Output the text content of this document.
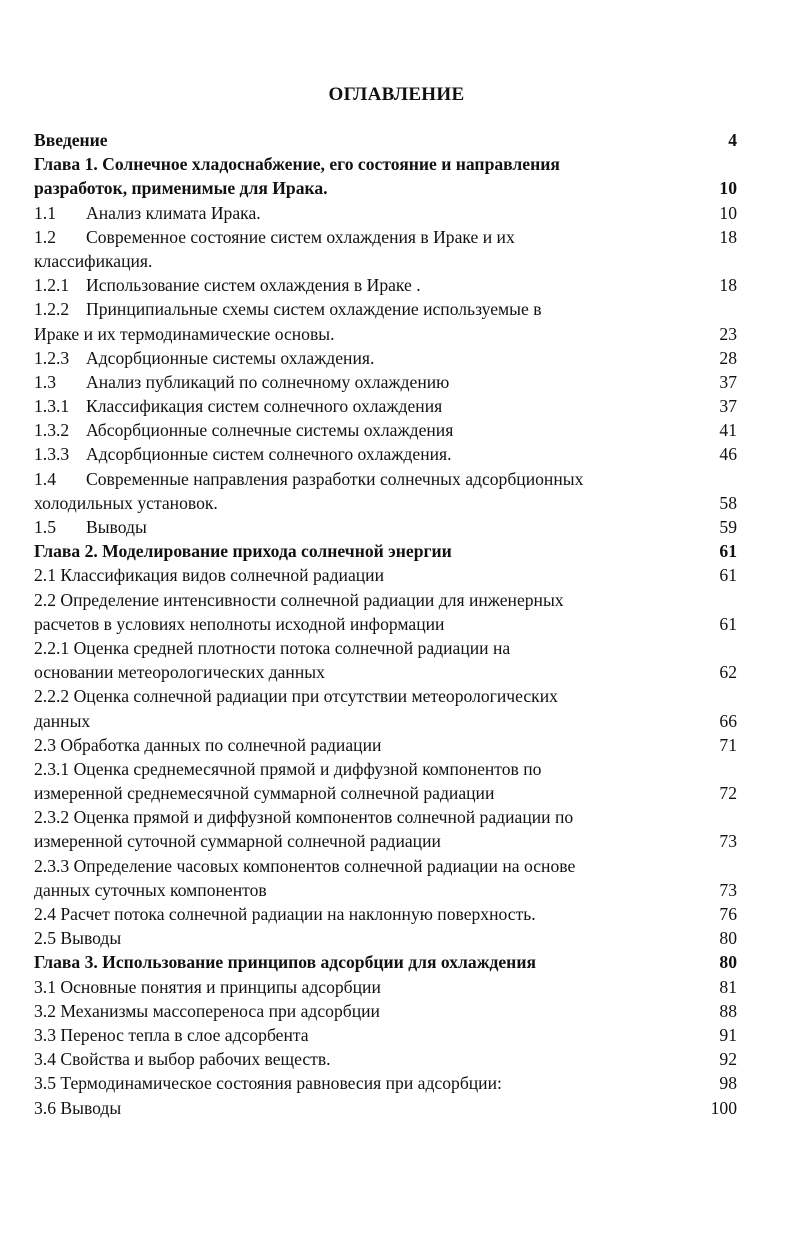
ОГЛАВЛЕНИЕ
Введение	4
Глава 1. Солнечное хладоснабжение, его состояние и направления
разработок, применимые для Ирака.	10
1.1 Анализ климата Ирака.	10
1.2 Современное состояние систем охлаждения в Ираке и их	18
классификация.
1.2.1 Использование систем охлаждения в Ираке .	18
1.2.2 Принципиальные схемы систем охлаждение используемые в
Ираке и их термодинамические основы.	23
1.2.3 Адсорбционные системы охлаждения.	28
1.3 Анализ публикаций по солнечному охлаждению	37
1.3.1 Классификация систем солнечного охлаждения	37
1.3.2 Абсорбционные солнечные системы охлаждения	41
1.3.3 Адсорбционные систем солнечного охлаждения.	46
1.4 Современные направления разработки солнечных адсорбционных
холодильных установок.	58
1.5 Выводы	59
Глава 2. Моделирование прихода солнечной энергии	61
2.1 Классификация видов солнечной радиации	61
2.2 Определение интенсивности солнечной радиации для инженерных
расчетов в условиях неполноты исходной информации	61
2.2.1 Оценка средней плотности потока солнечной радиации на
основании метеорологических данных	62
2.2.2 Оценка солнечной радиации при отсутствии метеорологических
данных	66
2.3 Обработка данных по солнечной радиации	71
2.3.1 Оценка среднемесячной прямой и диффузной компонентов по
измеренной среднемесячной суммарной солнечной радиации	72
2.3.2 Оценка прямой и диффузной компонентов солнечной радиации по
измеренной суточной суммарной солнечной радиации	73
2.3.3 Определение часовых компонентов солнечной радиации на основе
данных суточных компонентов	73
2.4 Расчет потока солнечной радиации на наклонную поверхность.	76
2.5 Выводы	80
Глава 3. Использование принципов адсорбции для охлаждения	80
3.1 Основные понятия и принципы адсорбции	81
3.2 Механизмы массопереноса при адсорбции	88
3.3 Перенос тепла в слое адсорбента	91
3.4 Свойства и выбор рабочих веществ.	92
3.5 Термодинамическое состояния равновесия при адсорбции:	98
3.6 Выводы	100
